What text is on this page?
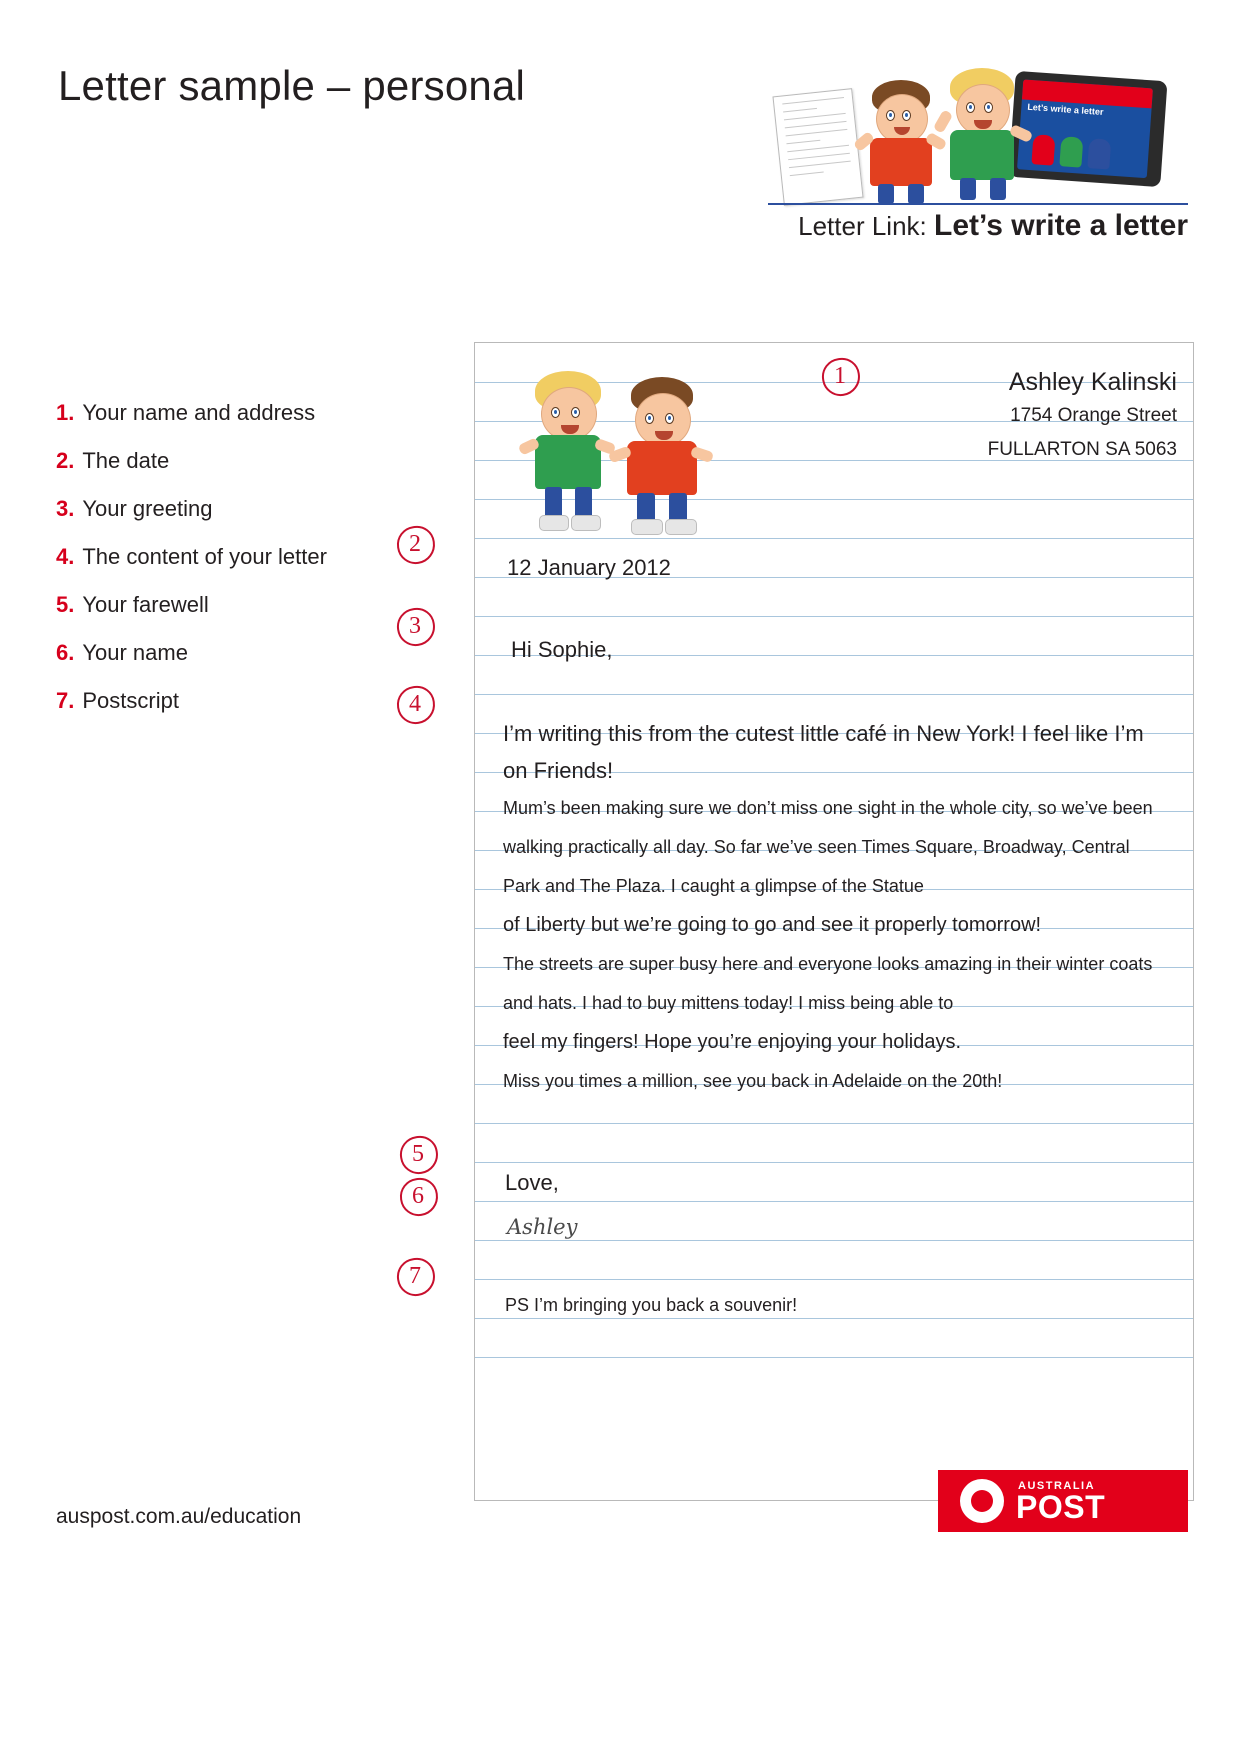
Letter sample – personal
Let’s write a letter
Letter Link: Let’s write a letter
1. Your name and address
2. The date
3. Your greeting
4. The content of your letter
5. Your farewell
6. Your name
7. Postscript
Ashley Kalinski
1754 Orange Street
FULLARTON SA 5063
12 January 2012
Hi Sophie,

I’m writing this from the cutest little café in New York! I feel like I’m on Friends!

Mum’s been making sure we don’t miss one sight in the whole city, so we’ve been walking practically all day. So far we’ve seen Times Square, Broadway, Central Park and The Plaza. I caught a glimpse of the Statue

of Liberty but we’re going to go and see it properly tomorrow!

The streets are super busy here and everyone looks amazing in their winter coats and hats. I had to buy mittens today! I miss being able to

feel my fingers! Hope you’re enjoying your holidays.

Miss you times a million, see you back in Adelaide on the 20th!

Love,
Ashley
PS I’m bringing you back a souvenir!
1
2
3
4
5
6
7
auspost.com.au/education
AUSTRALIA
POST
